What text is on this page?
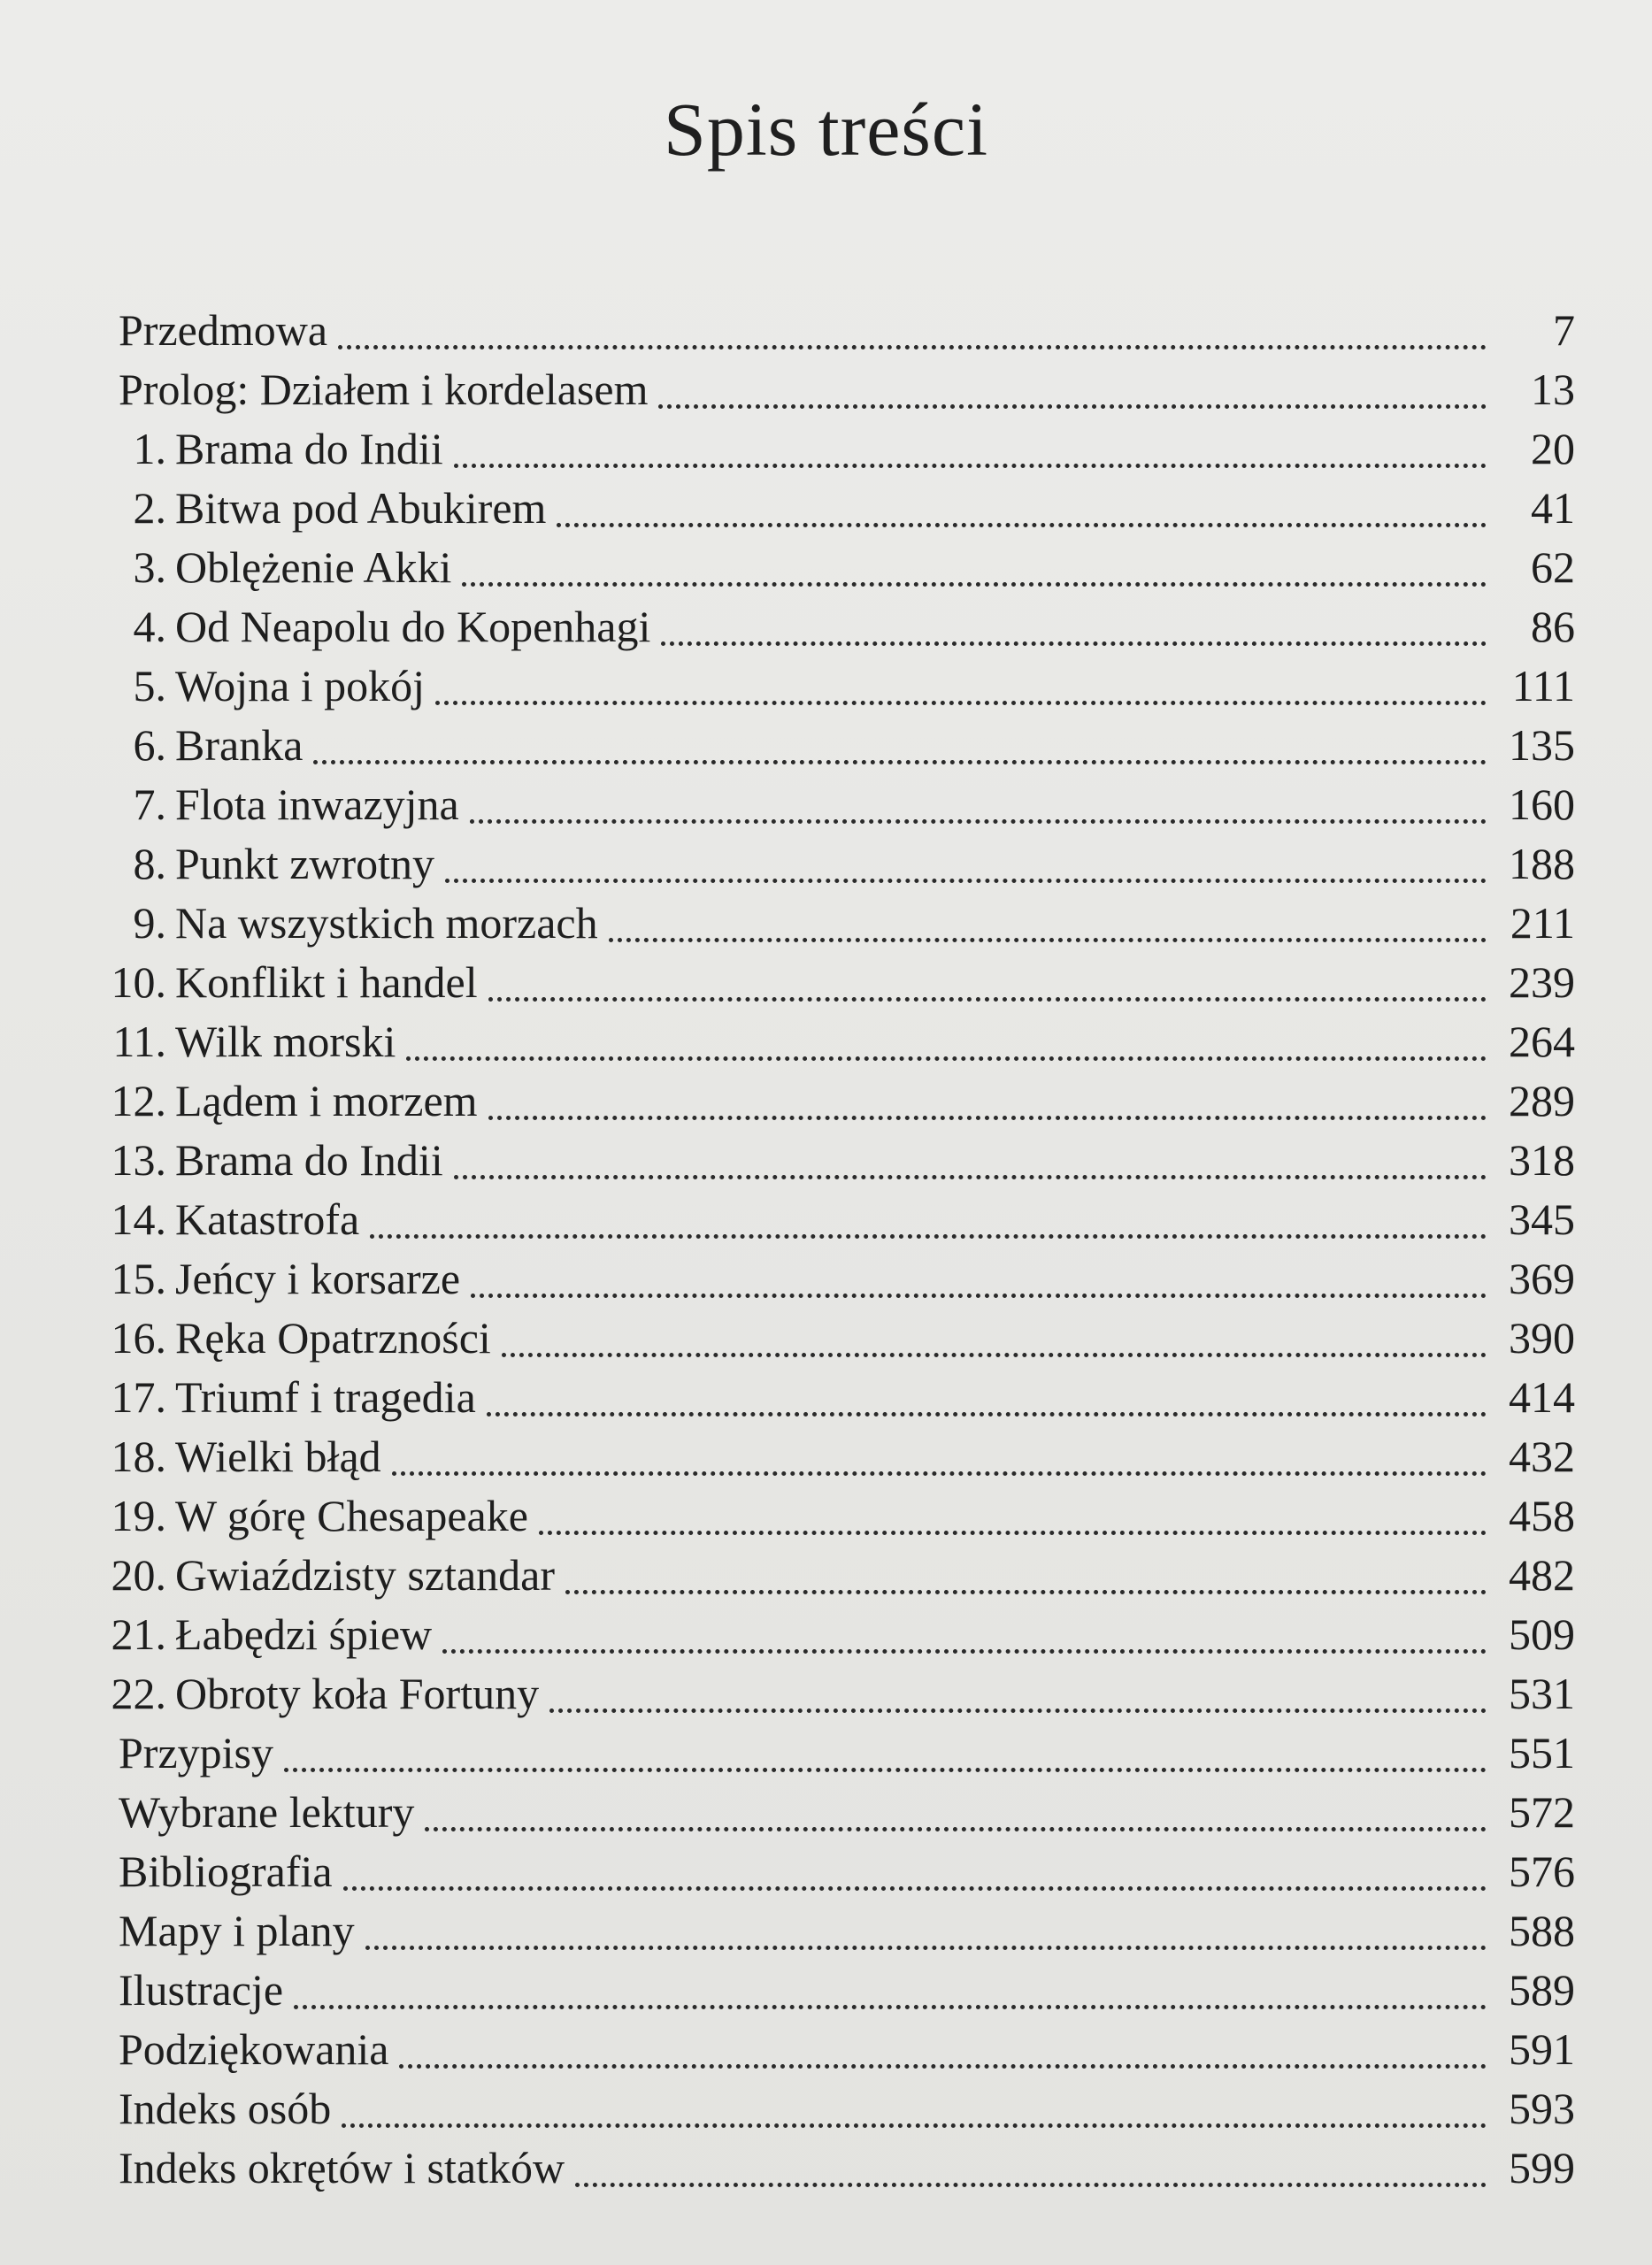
Spis treści
Przedmowa	7
Prolog: Działem i kordelasem	13
1. Brama do Indii	20
2. Bitwa pod Abukirem	41
3. Oblężenie Akki	62
4. Od Neapolu do Kopenhagi	86
5. Wojna i pokój	111
6. Branka	135
7. Flota inwazyjna	160
8. Punkt zwrotny	188
9. Na wszystkich morzach	211
10. Konflikt i handel	239
11. Wilk morski	264
12. Lądem i morzem	289
13. Brama do Indii	318
14. Katastrofa	345
15. Jeńcy i korsarze	369
16. Ręka Opatrzności	390
17. Triumf i tragedia	414
18. Wielki błąd	432
19. W górę Chesapeake	458
20. Gwiaździsty sztandar	482
21. Łabędzi śpiew	509
22. Obroty koła Fortuny	531
Przypisy	551
Wybrane lektury	572
Bibliografia	576
Mapy i plany	588
Ilustracje	589
Podziękowania	591
Indeks osób	593
Indeks okrętów i statków	599
